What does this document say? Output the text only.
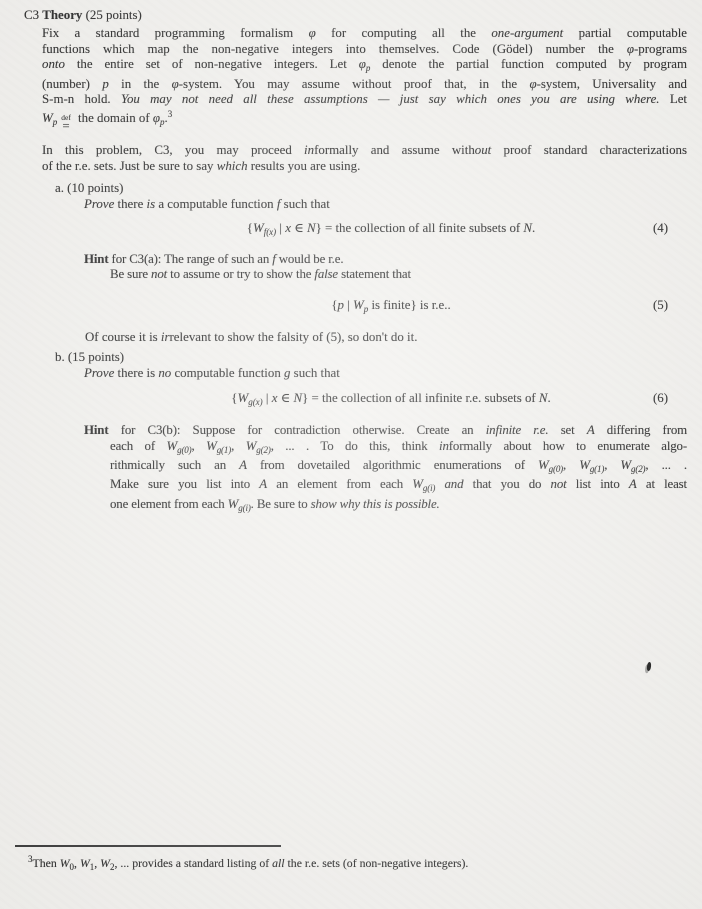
C3 Theory (25 points)
Fix a standard programming formalism φ for computing all the one-argument partial computable
functions which map the non-negative integers into themselves. Code (Gödel) number the φ-programs
onto the entire set of non-negative integers. Let $\varphi_p$ denote the partial function computed by program
(number) p in the φ-system. You may assume without proof that, in the φ-system, Universality and
S-m-n hold. You may not need all these assumptions — just say which ones you are using where. Let
$W_p$ def
=
the domain of $\varphi_p.^3$
In this problem, C3, you may proceed informally and assume without proof standard characterizations
of the r.e. sets. Just be sure to say which results you are using.
a. (10 points)
Prove there is a computable function f such that
{$W_{f(x)}$ | x ∈ N} = the collection of all finite subsets of N.	(4)
Hint for C3(a): The range of such an f would be r.e.
Be sure not to assume or try to show the false statement that
{p | $W_p$ is finite} is r.e..	(5)
Of course it is irrelevant to show the falsity of (5), so don't do it.
b. (15 points)
Prove there is no computable function g such that
{$W_{g(x)}$ | x ∈ N} = the collection of all infinite r.e. subsets of N.	(6)
Hint for C3(b): Suppose for contradiction otherwise. Create an infinite r.e. set A differing from
each of $W_{g(0)}$, $W_{g(1)}$, $W_{g(2)}$, ... . To do this, think informally about how to enumerate algo-
rithmically such an A from dovetailed algorithmic enumerations of $W_{g(0)}$, $W_{g(1)}$, $W_{g(2)}$, ... .
Make sure you list into A an element from each $W_{g(i)}$ and that you do not list into A at least
one element from each $W_{g(i)}$. Be sure to show why this is possible.
$^3$Then $W_0$, $W_1$, $W_2$, ... provides a standard listing of all the r.e. sets (of non-negative integers).
